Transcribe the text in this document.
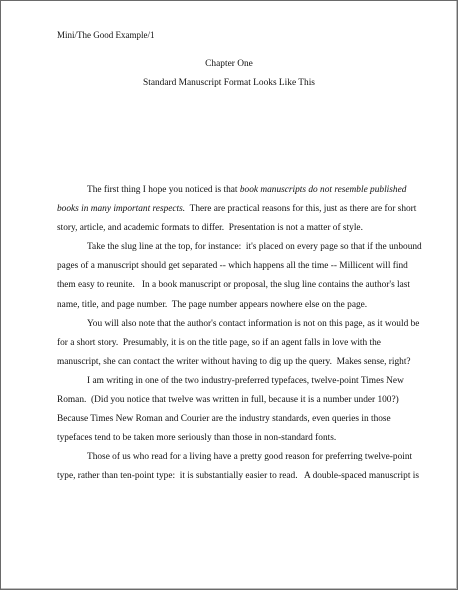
Mini/The Good Example/1
Chapter One
Standard Manuscript Format Looks Like This
The first thing I hope you noticed is that book manuscripts do not resemble published
books in many important respects.  There are practical reasons for this, just as there are for short
story, article, and academic formats to differ.  Presentation is not a matter of style.
Take the slug line at the top, for instance:  it's placed on every page so that if the unbound
pages of a manuscript should get separated -- which happens all the time -- Millicent will find
them easy to reunite.   In a book manuscript or proposal, the slug line contains the author's last
name, title, and page number.  The page number appears nowhere else on the page.
You will also note that the author's contact information is not on this page, as it would be
for a short story.  Presumably, it is on the title page, so if an agent falls in love with the
manuscript, she can contact the writer without having to dig up the query.  Makes sense, right?
I am writing in one of the two industry-preferred typefaces, twelve-point Times New
Roman.  (Did you notice that twelve was written in full, because it is a number under 100?)
Because Times New Roman and Courier are the industry standards, even queries in those
typefaces tend to be taken more seriously than those in non-standard fonts.
Those of us who read for a living have a pretty good reason for preferring twelve-point
type, rather than ten-point type:  it is substantially easier to read.   A double-spaced manuscript is
